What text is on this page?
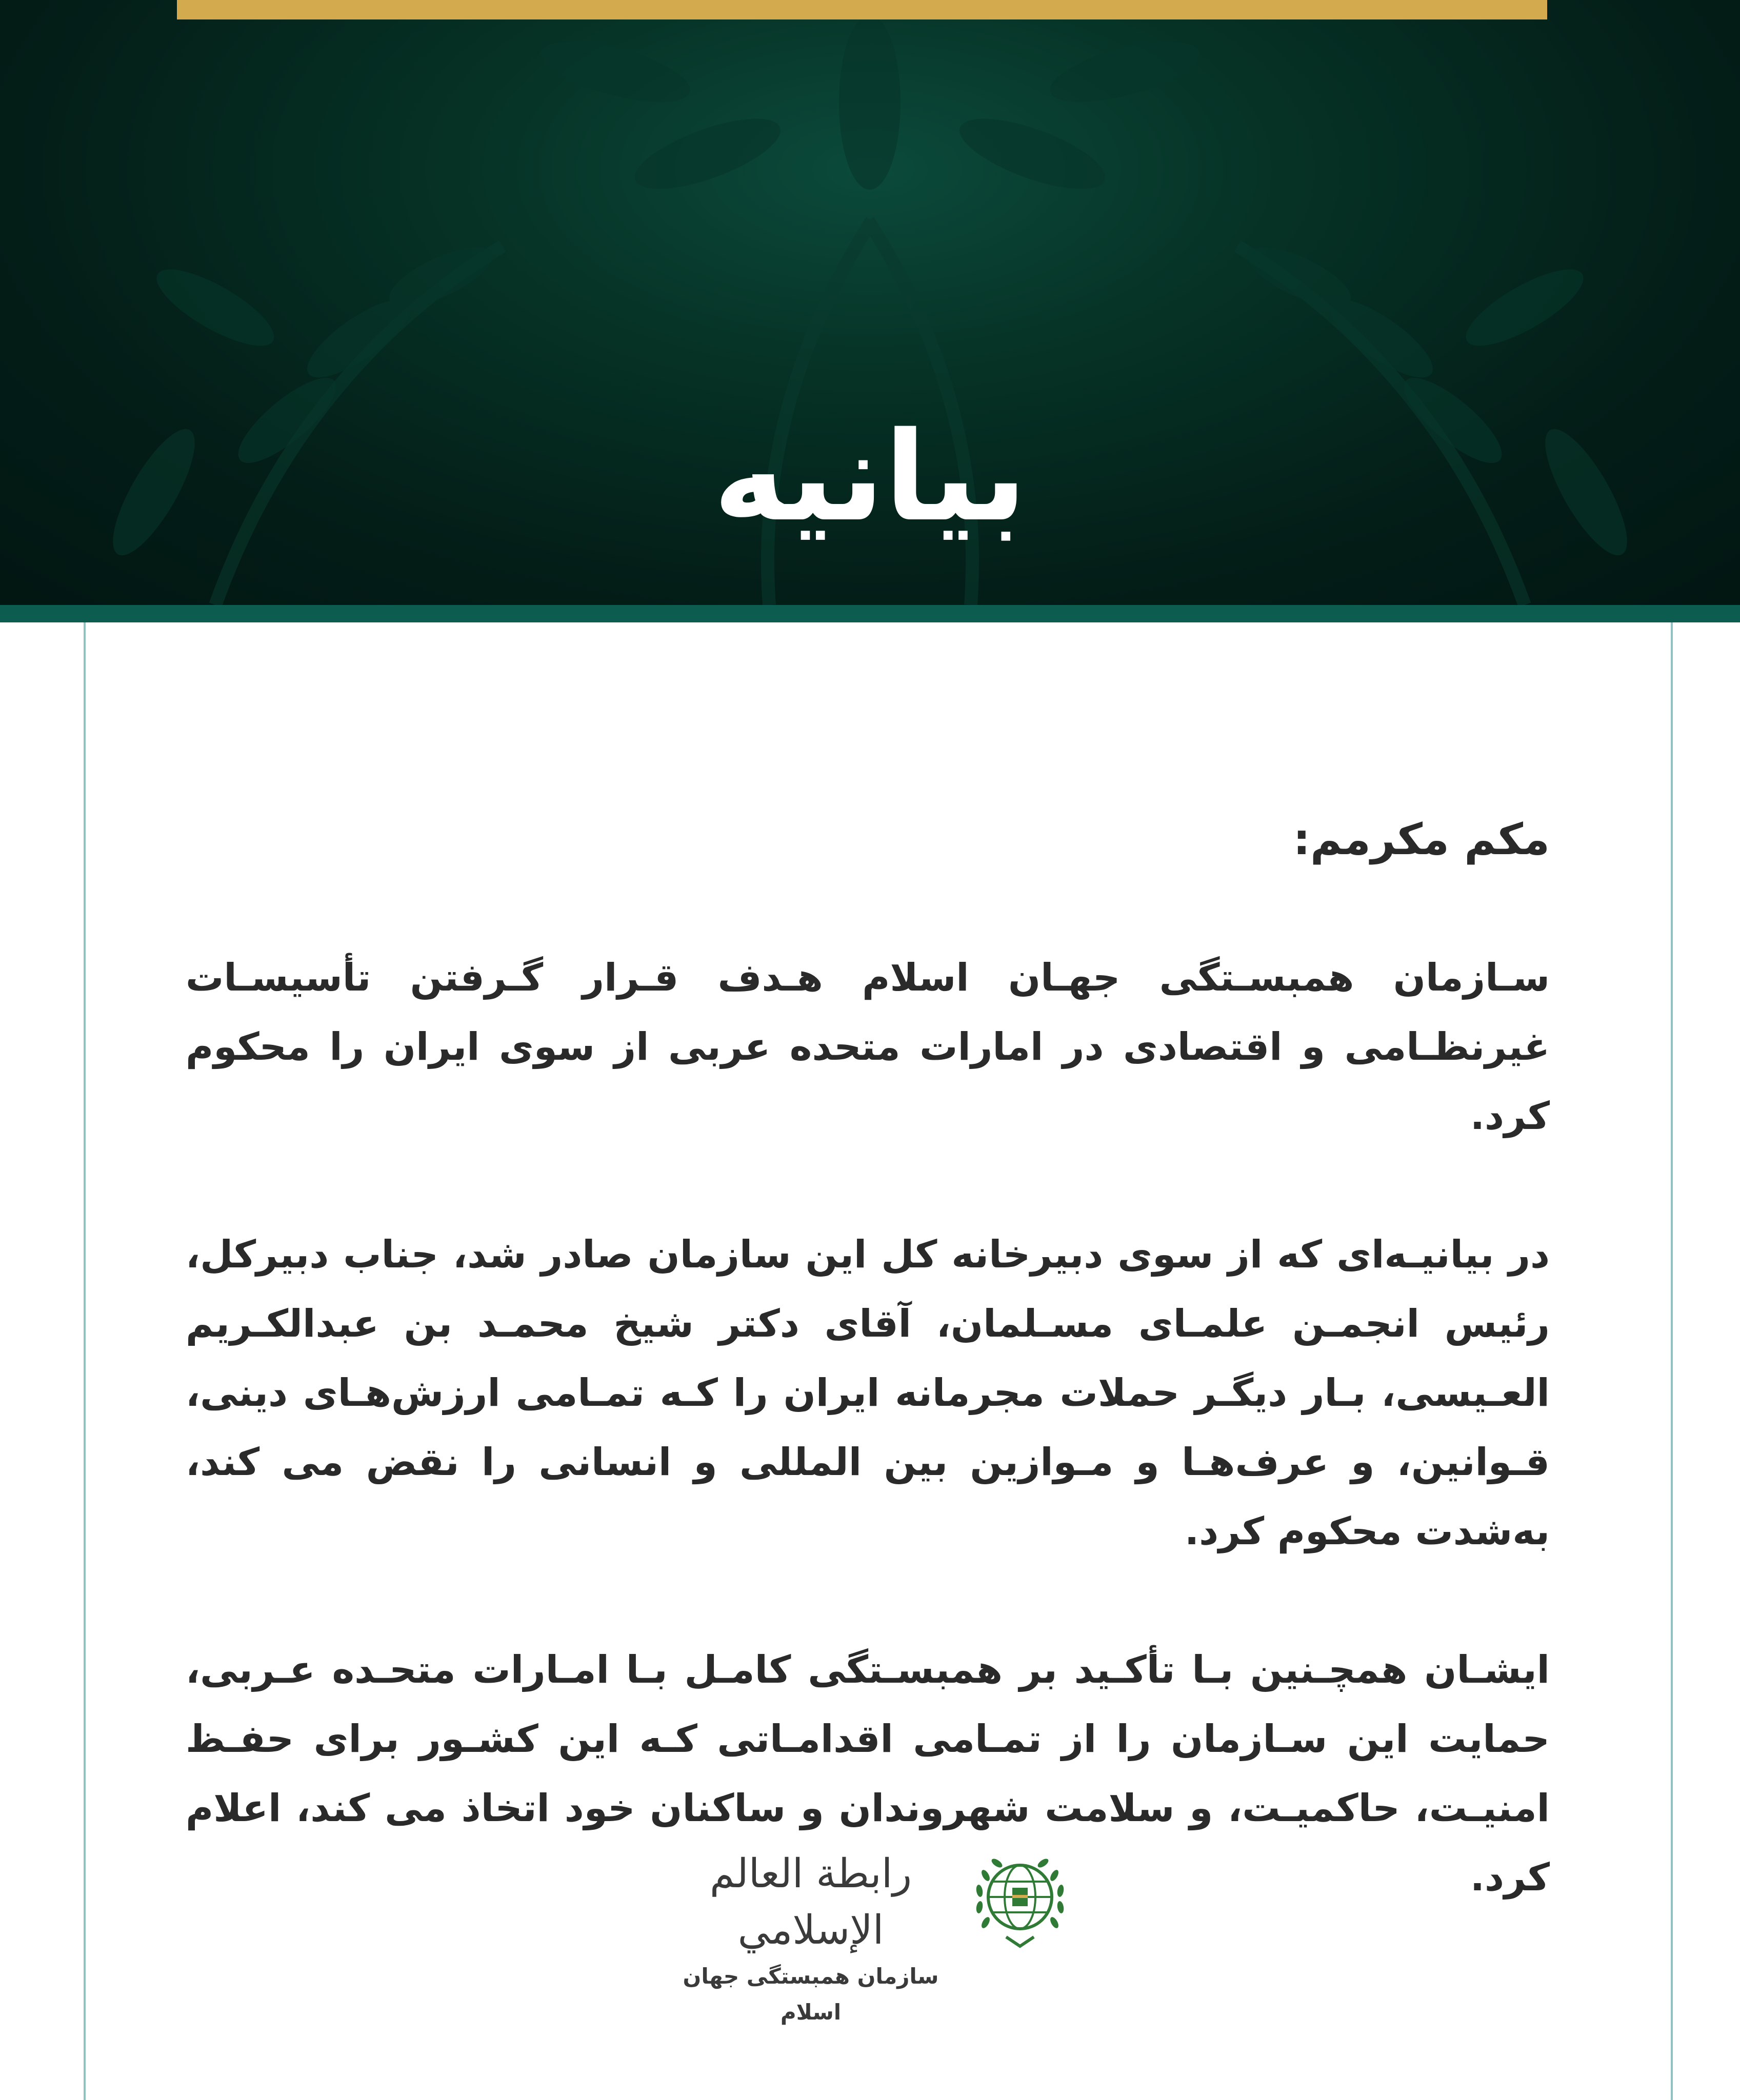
بیانیه

مکم مکرمم:

سـازمان همبسـتگی جهـان اسلام هـدف قـرار گـرفتن تأسیسـات غیرنظـامی و اقتصادی در امارات متحده عربی از سوی ایران را محکوم کرد.

در بیانیـه‌ای که از سوی دبیرخانه کل این سازمان صادر شد، جناب دبیرکل، رئیس انجمـن علمـای مسـلمان، آقای دکتر شیخ محمـد بن عبدالکـریم العـیسی، بـار دیگـر حملات مجرمانه ایران را کـه تمـامی ارزش‌هـای دینی، قـوانین، و عرف‌هـا و مـوازین بین المللی و انسانی را نقض می کند، به‌شدت محکوم کرد.

ایشـان همچـنین بـا تأکـید بر همبسـتگی کامـل بـا امـارات متحـده عـربی، حمایت این سـازمان را از تمـامی اقدامـاتی کـه این کشـور برای حفـظ امنیـت، حاکمیـت، و سلامت شهروندان و ساکنان خود اتخاذ می کند، اعلام کرد.

رابطة العالم الإسلامي
سازمان همبستگی جهان اسلام
